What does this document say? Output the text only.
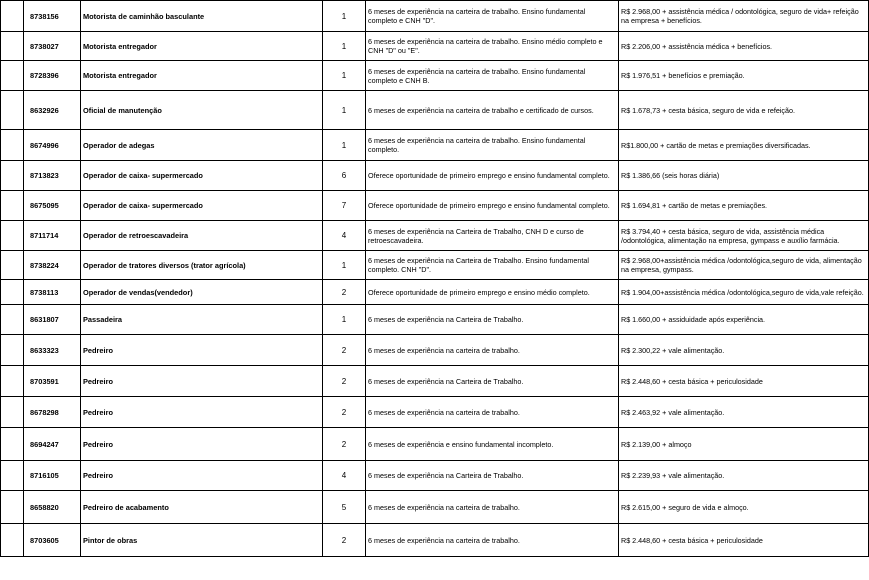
	8738156	Motorista de caminhão basculante	1	6 meses de experiência na carteira de trabalho. Ensino fundamental completo e CNH "D".	R$ 2.968,00 + assistência médica / odontológica, seguro de vida+ refeição na empresa + benefícios.
	8738027	Motorista entregador	1	6 meses de experiência na carteira de trabalho. Ensino médio completo e CNH "D" ou "E".	R$ 2.206,00 + assistência médica + benefícios.
	8728396	Motorista entregador	1	6 meses de experiência na carteira de trabalho. Ensino fundamental completo e CNH B.	R$ 1.976,51 + benefícios e premiação.
	8632926	Oficial de manutenção	1	6 meses de experiência na carteira de trabalho e certificado de cursos.	R$ 1.678,73 + cesta básica, seguro de vida e refeição.
	8674996	Operador de adegas	1	6 meses de experiência na carteira de trabalho. Ensino fundamental completo.	R$1.800,00 + cartão de metas e premiações diversificadas.
	8713823	Operador de caixa- supermercado	6	Oferece oportunidade de primeiro emprego e ensino fundamental completo.	R$ 1.386,66 (seis horas diária)
	8675095	Operador de caixa- supermercado	7	Oferece oportunidade de primeiro emprego e ensino fundamental completo.	R$ 1.694,81 + cartão de metas e premiações.
	8711714	Operador de retroescavadeira	4	6 meses de experiência na Carteira de Trabalho, CNH D e curso de retroescavadeira.	R$ 3.794,40 + cesta básica, seguro de vida, assistência médica /odontológica, alimentação na empresa, gympass e auxílio farmácia.
	8738224	Operador de tratores diversos (trator agrícola)	1	6 meses de experiência na Carteira de Trabalho. Ensino fundamental completo. CNH "D".	R$ 2.968,00+assistência médica /odontológica,seguro de vida, alimentação na empresa, gympass.
	8738113	Operador de vendas(vendedor)	2	Oferece oportunidade de primeiro emprego e ensino médio completo.	R$ 1.904,00+assistência médica /odontológica,seguro de vida,vale refeição.
	8631807	Passadeira	1	6 meses de experiência na Carteira de Trabalho.	R$ 1.660,00 + assiduidade após experiência.
	8633323	Pedreiro	2	6 meses de experiência na carteira de trabalho.	R$ 2.300,22 + vale alimentação.
	8703591	Pedreiro	2	6 meses de experiência na Carteira de Trabalho.	R$ 2.448,60 + cesta básica + periculosidade
	8678298	Pedreiro	2	6 meses de experiência na carteira de trabalho.	R$ 2.463,92 + vale alimentação.
	8694247	Pedreiro	2	6 meses de experiência e ensino fundamental incompleto.	R$ 2.139,00 + almoço
	8716105	Pedreiro	4	6 meses de experiência na Carteira de Trabalho.	R$ 2.239,93 + vale alimentação.
	8658820	Pedreiro de acabamento	5	6 meses de experiência na carteira de trabalho.	R$ 2.615,00 + seguro de vida e almoço.
	8703605	Pintor de obras	2	6 meses de experiência na carteira de trabalho.	R$ 2.448,60 + cesta básica + periculosidade
